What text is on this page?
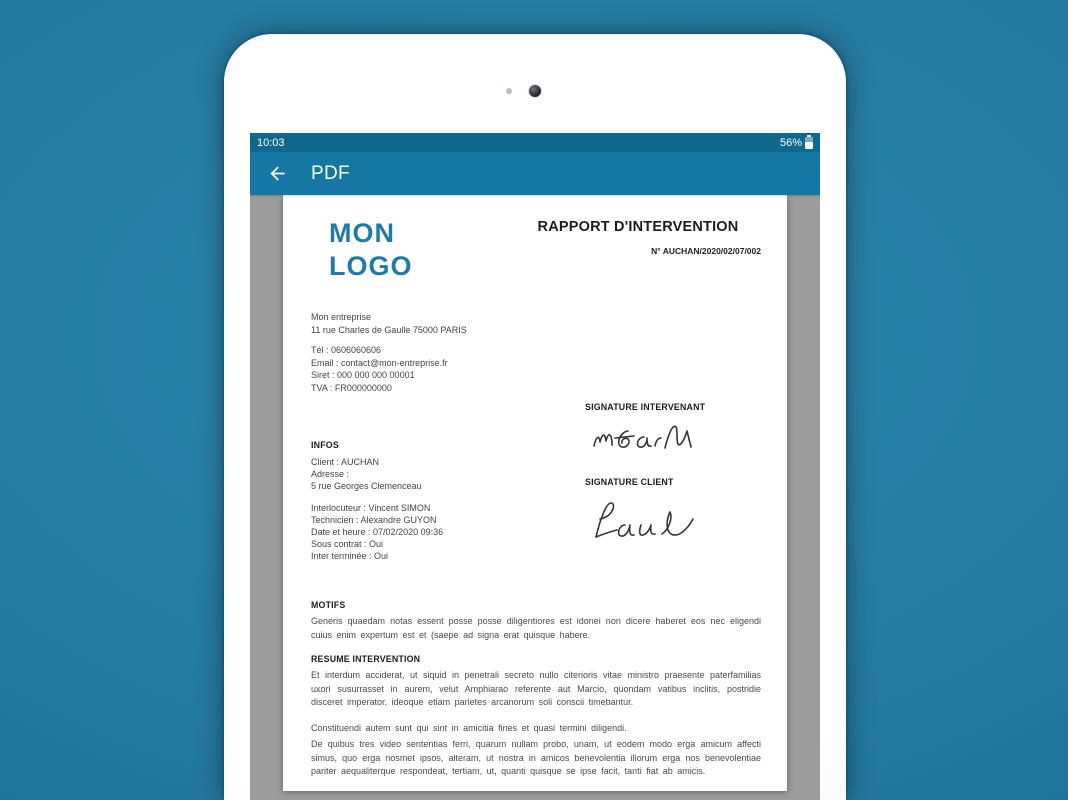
10:03	56%
PDF
MON
LOGO
RAPPORT D'INTERVENTION
N° AUCHAN/2020/02/07/002
Mon entreprise
11 rue Charles de Gaulle 75000 PARIS
Tél : 0606060606
Email : contact@mon-entreprise.fr
Siret : 000 000 000 00001
TVA : FR000000000
SIGNATURE INTERVENANT
INFOS
Client : AUCHAN
Adresse :
5 rue Georges Clemenceau	SIGNATURE CLIENT
Interlocuteur : Vincent SIMON
Technicien : Alexandre GUYON
Date et heure : 07/02/2020 09:36
Sous contrat : Oui
Inter terminée : Oui
MOTIFS
Generis quaedam notas essent posse posse diligentiores est idonei non dicere haberet eos nec eligendi cuius enim expertum est et (saepe ad signa erat quisque habere.
RESUME INTERVENTION
Et interdum acciderat, ut siquid in penetrali secreto nullo citerioris vitae ministro praesente paterfamilias uxori susurrasset in aurem, velut Amphiarao referente aut Marcio, quondam vatibus inclitis, postridie disceret imperator. ideoque etiam parietes arcanorum soli conscii timebantur.
Constituendi autem sunt qui sint in amicitia fines et quasi termini diligendi.
De quibus tres video sententias ferri, quarum nullam probo, unam, ut eodem modo erga amicum affecti simus, quo erga nosmet ipsos, alteram, ut nostra in amicos benevolentia illorum erga nos benevolentiae pariter aequaliterque respondeat, tertiam, ut, quanti quisque se ipse facit, tanti fiat ab amicis.
